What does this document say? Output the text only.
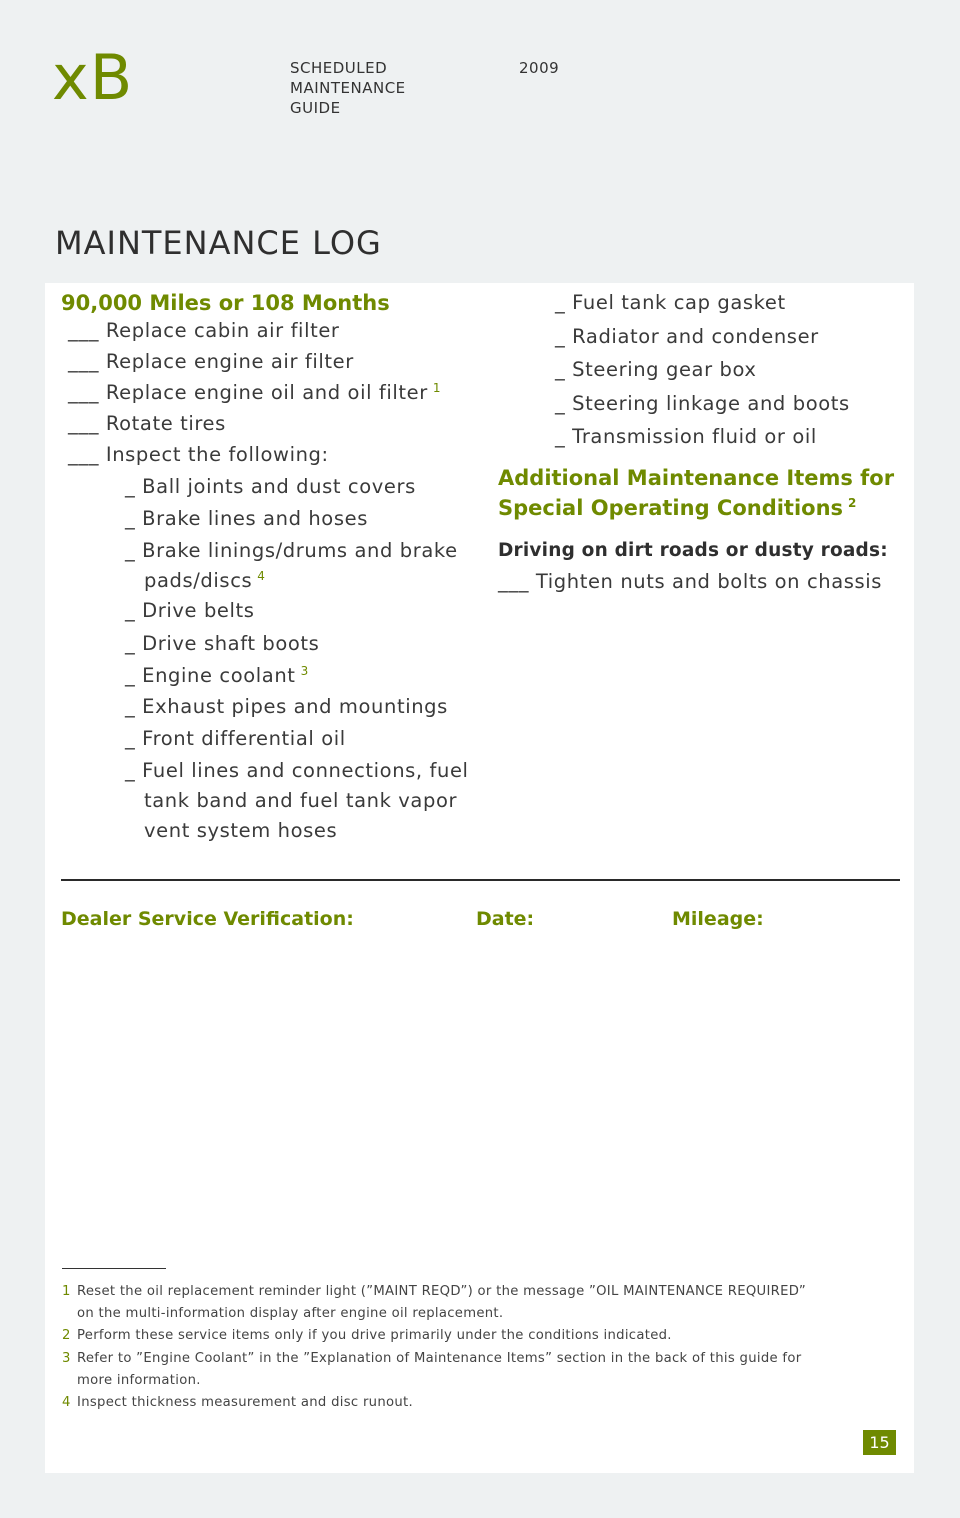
xB	SCHEDULED
MAINTENANCE
GUIDE
2009
MAINTENANCE LOG
90,000 Miles or 108 Months
___ Replace cabin air filter
___ Replace engine air filter
___ Replace engine oil and oil filter $^1$
___ Rotate tires
___ Inspect the following:
_ Ball joints and dust covers
_ Brake lines and hoses
_ Brake linings/drums and brake
pads/discs $^4$
_ Drive belts
_ Drive shaft boots
_ Engine coolant $^3$
_ Exhaust pipes and mountings
_ Front differential oil
_ Fuel lines and connections, fuel
tank band and fuel tank vapor
vent system hoses
_ Fuel tank cap gasket
_ Radiator and condenser
_ Steering gear box
_ Steering linkage and boots
_ Transmission fluid or oil
Additional Maintenance Items for
Special Operating Conditions $^2$
Driving on dirt roads or dusty roads:
___ Tighten nuts and bolts on chassis
Dealer Service Verification:	Date:	Mileage:
1 Reset the oil replacement reminder light (”MAINT REQD”) or the message ”OIL MAINTENANCE REQUIRED”
on the multi-information display after engine oil replacement.
2 Perform these service items only if you drive primarily under the conditions indicated.
3 Refer to ”Engine Coolant” in the ”Explanation of Maintenance Items” section in the back of this guide for
more information.
4 Inspect thickness measurement and disc runout.
15
